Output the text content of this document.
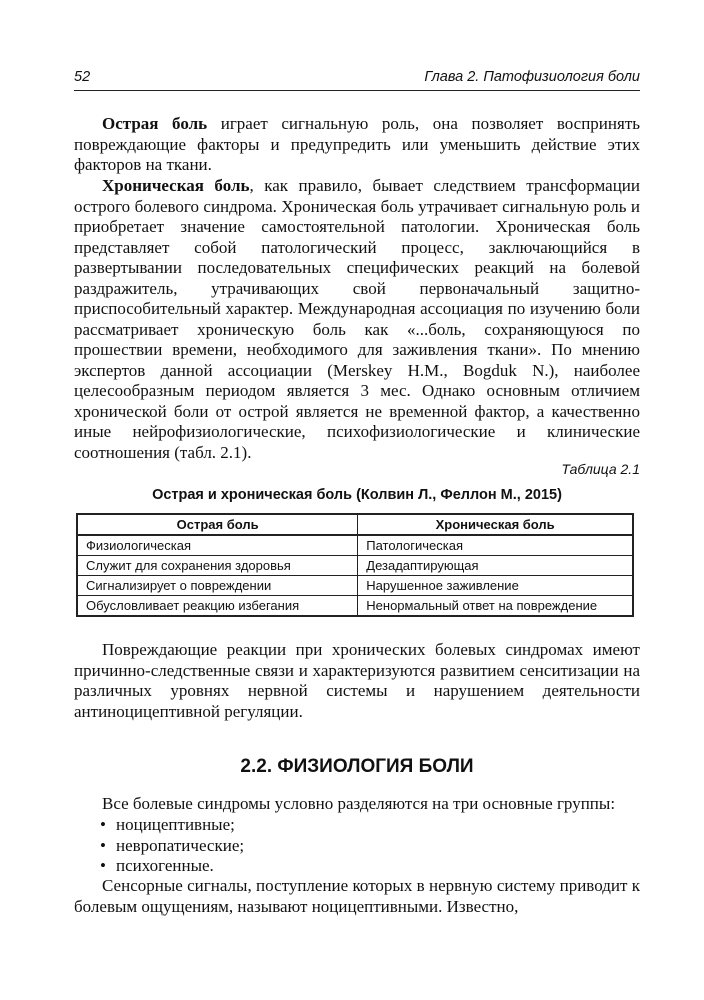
52	Глава 2. Патофизиология боли

Острая боль играет сигнальную роль, она позволяет воспринять повреждающие факторы и предупредить или уменьшить действие этих факторов на ткани.

Хроническая боль, как правило, бывает следствием трансформации острого болевого синдрома. Хроническая боль утрачивает сигнальную роль и приобретает значение самостоятельной патологии. Хроническая боль представляет собой патологический процесс, заключающийся в развертывании последовательных специфических реакций на болевой раздражитель, утрачивающих свой первоначальный защитно-приспособительный характер. Международная ассоциация по изучению боли рассматривает хроническую боль как «...боль, сохраняющуюся по прошествии времени, необходимого для заживления ткани». По мнению экспертов данной ассоциации (Merskey H.M., Bogduk N.), наиболее целесообразным периодом является 3 мес. Однако основным отличием хронической боли от острой является не временной фактор, а качественно иные нейрофизиологические, психофизиологические и клинические соотношения (табл. 2.1).

Таблица 2.1
Острая и хроническая боль (Колвин Л., Феллон М., 2015)
Острая боль	Хроническая боль
Физиологическая	Патологическая
Служит для сохранения здоровья	Дезадаптирующая
Сигнализирует о повреждении	Нарушенное заживление
Обусловливает реакцию избегания	Ненормальный ответ на повреждение

Повреждающие реакции при хронических болевых синдромах имеют причинно-следственные связи и характеризуются развитием сенситизации на различных уровнях нервной системы и нарушением деятельности антиноцицептивной регуляции.

2.2. ФИЗИОЛОГИЯ БОЛИ

Все болевые синдромы условно разделяются на три основные группы:

• ноцицептивные;
• невропатические;
• психогенные.

Сенсорные сигналы, поступление которых в нервную систему приводит к болевым ощущениям, называют ноцицептивными. Известно,
